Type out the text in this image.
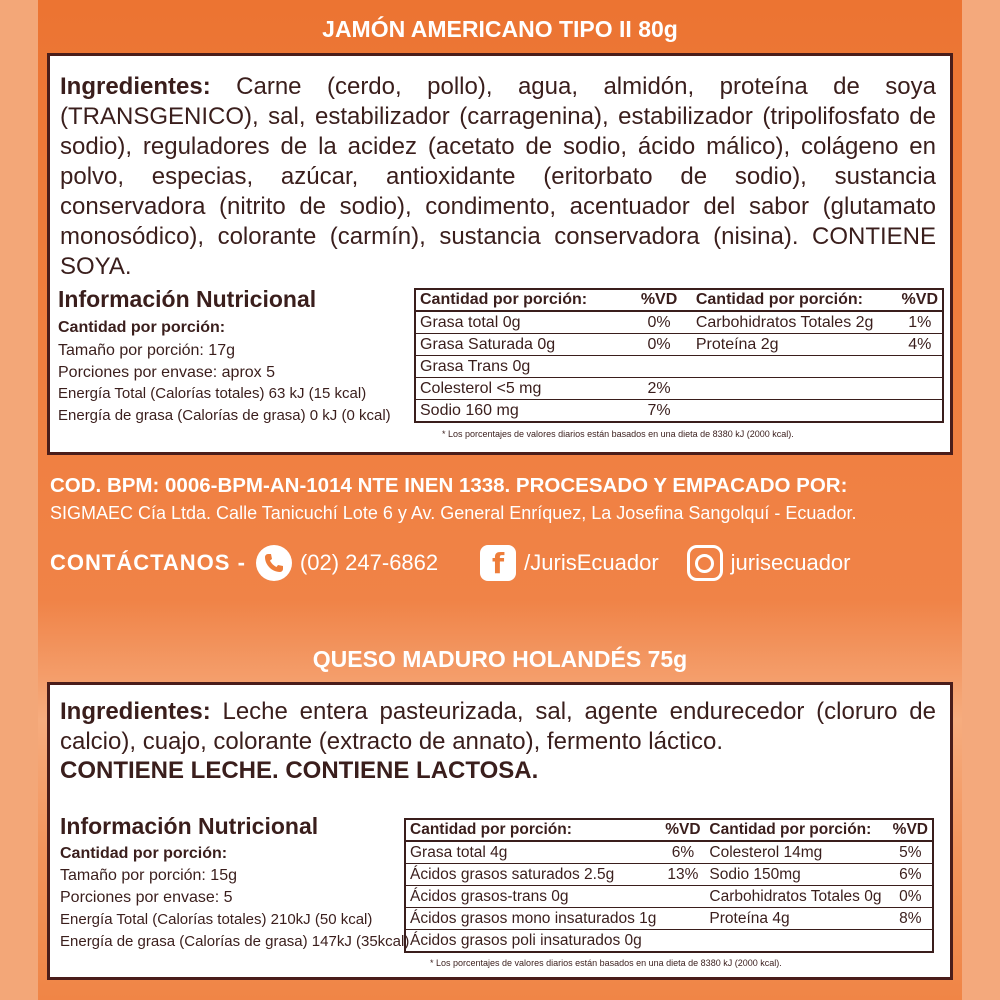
JAMÓN AMERICANO TIPO II 80g
Ingredientes: Carne (cerdo, pollo), agua, almidón, proteína de soya (TRANSGENICO), sal, estabilizador (carragenina), estabilizador (tripolifosfato de sodio), reguladores de la acidez (acetato de sodio, ácido málico), colágeno en polvo, especias, azúcar, antioxidante (eritorbato de sodio), sustancia conservadora (nitrito de sodio), condimento, acentuador del sabor (glutamato monosódico), colorante (carmín), sustancia conservadora (nisina). CONTIENE SOYA.
Información Nutricional
Cantidad por porción:
Tamaño por porción: 17g
Porciones por envase: aprox 5
Energía Total (Calorías totales) 63 kJ (15 kcal)
Energía de grasa (Calorías de grasa) 0 kJ (0 kcal)
Cantidad por porción:	%VD	Cantidad por porción:	%VD
Grasa total 0g	0%	Carbohidratos Totales 2g	1%
Grasa Saturada 0g	0%	Proteína 2g	4%
Grasa Trans 0g			
Colesterol <5 mg	2%		
Sodio 160 mg	7%		
* Los porcentajes de valores diarios están basados en una dieta de 8380 kJ (2000 kcal).
COD. BPM: 0006-BPM-AN-1014 NTE INEN 1338. PROCESADO Y EMPACADO POR:
SIGMAEC Cía Ltda. Calle Tanicuchí Lote 6 y Av. General Enríquez, La Josefina Sangolquí - Ecuador.
CONTÁCTANOS - (02) 247-6862 f /JurisEcuador	jurisecuador
QUESO MADURO HOLANDÉS 75g
Ingredientes: Leche entera pasteurizada, sal, agente endurecedor (cloruro de calcio), cuajo, colorante (extracto de annato), fermento láctico.
CONTIENE LECHE. CONTIENE LACTOSA.
Información Nutricional
Cantidad por porción:
Tamaño por porción: 15g
Porciones por envase: 5
Energía Total (Calorías totales) 210kJ (50 kcal)
Energía de grasa (Calorías de grasa) 147kJ (35kcal)
Cantidad por porción:	%VD	Cantidad por porción:	%VD
Grasa total 4g	6%	Colesterol 14mg	5%
Ácidos grasos saturados 2.5g	13%	Sodio 150mg	6%
Ácidos grasos-trans 0g		Carbohidratos Totales 0g	0%
Ácidos grasos mono insaturados 1g		Proteína 4g	8%
Ácidos grasos poli insaturados 0g			
* Los porcentajes de valores diarios están basados en una dieta de 8380 kJ (2000 kcal).
